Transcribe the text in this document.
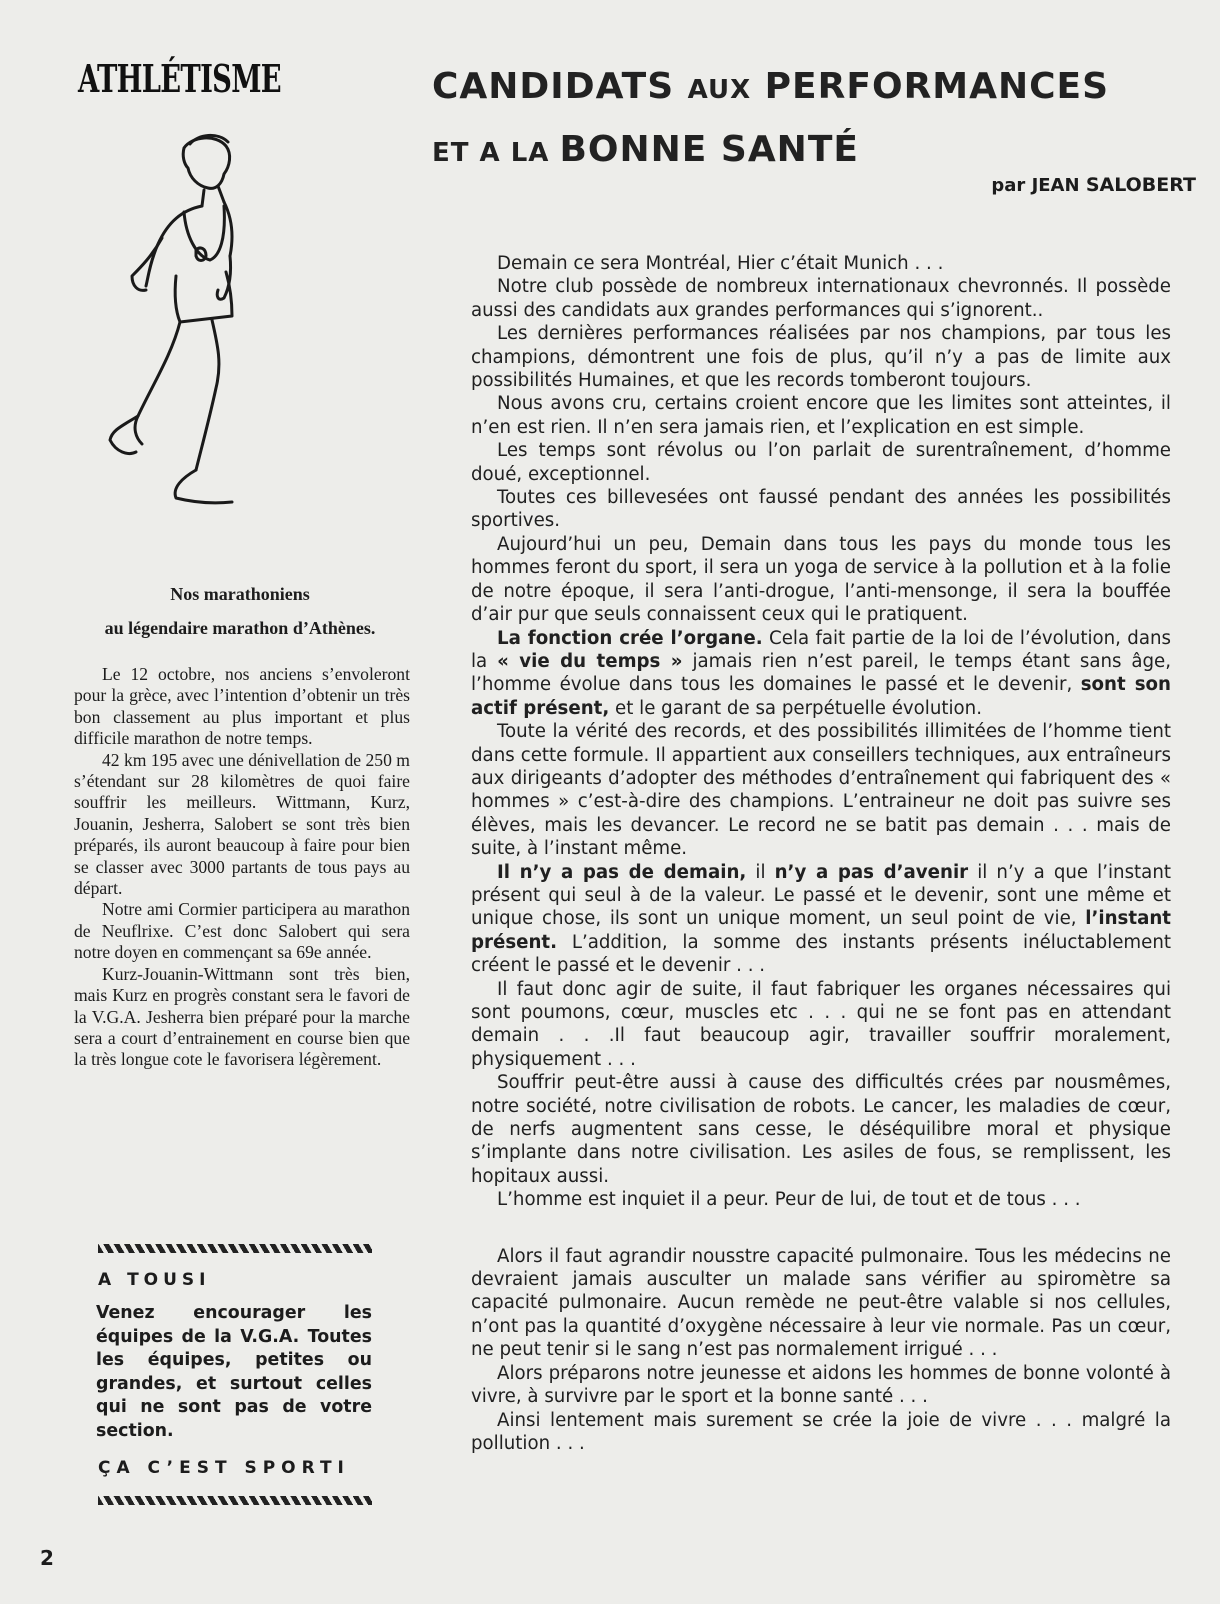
ATHLÉTISME	CANDIDATS AUX PERFORMANCES
ET A LA BONNE SANTÉ
par JEAN SALOBERT
Nos marathoniens
au légendaire marathon d’Athènes.

Le 12 octobre, nos anciens s’envoleront pour la grèce, avec l’intention d’obtenir un très bon classement au plus important et plus difficile marathon de notre temps.

42 km 195 avec une dénivellation de 250 m s’étendant sur 28 kilomètres de quoi faire souffrir les meilleurs. Wittmann, Kurz, Jouanin, Jesherra, Salobert se sont très bien préparés, ils auront beaucoup à faire pour bien se classer avec 3000 partants de tous pays au départ.

Notre ami Cormier participera au marathon de Neuflrixe. C’est donc Salobert qui sera notre doyen en commençant sa 69e année.

Kurz-Jouanin-Wittmann sont très bien, mais Kurz en progrès constant sera le favori de la V.G.A. Jesherra bien préparé pour la marche sera a court d’entrainement en course bien que la très longue cote le favorisera légèrement.

A TOUSI
Venez encourager les équipes de la V.G.A. Toutes les équipes, petites ou grandes, et surtout celles qui ne sont pas de votre section.
ÇA C’EST SPORTI

Demain ce sera Montréal, Hier c’était Munich . . .

Notre club possède de nombreux internationaux chevronnés. Il possède aussi des candidats aux grandes performances qui s’ignorent..

Les dernières performances réalisées par nos champions, par tous les champions, démontrent une fois de plus, qu’il n’y a pas de limite aux possibilités Humaines, et que les records tomberont toujours.

Nous avons cru, certains croient encore que les limites sont atteintes, il n’en est rien. Il n’en sera jamais rien, et l’explication en est simple.

Les temps sont révolus ou l’on parlait de surentraînement, d’homme doué, exceptionnel.

Toutes ces billevesées ont faussé pendant des années les possibilités sportives.

Aujourd’hui un peu, Demain dans tous les pays du monde tous les hommes feront du sport, il sera un yoga de service à la pollution et à la folie de notre époque, il sera l’anti-drogue, l’anti-mensonge, il sera la bouffée d’air pur que seuls connaissent ceux qui le pratiquent.

La fonction crée l’organe. Cela fait partie de la loi de l’évolution, dans la « vie du temps » jamais rien n’est pareil, le temps étant sans âge, l’homme évolue dans tous les domaines le passé et le devenir, sont son actif présent, et le garant de sa perpétuelle évolution.

Toute la vérité des records, et des possibilités illimitées de l’homme tient dans cette formule. Il appartient aux conseillers techniques, aux entraîneurs aux dirigeants d’adopter des méthodes d’entraînement qui fabriquent des « hommes » c’est-à-dire des champions. L’entraineur ne doit pas suivre ses élèves, mais les devancer. Le record ne se batit pas demain . . . mais de suite, à l’instant même.

Il n’y a pas de demain, il n’y a pas d’avenir il n’y a que l’instant présent qui seul à de la valeur. Le passé et le devenir, sont une même et unique chose, ils sont un unique moment, un seul point de vie, l’instant présent. L’addition, la somme des instants présents inéluctablement créent le passé et le devenir . . .

Il faut donc agir de suite, il faut fabriquer les organes nécessaires qui sont poumons, cœur, muscles etc . . . qui ne se font pas en attendant demain . . .Il faut beaucoup agir, travailler souffrir moralement, physiquement . . .

Souffrir peut-être aussi à cause des difficultés crées par nousmêmes, notre société, notre civilisation de robots. Le cancer, les maladies de cœur, de nerfs augmentent sans cesse, le déséquilibre moral et physique s’implante dans notre civilisation. Les asiles de fous, se remplissent, les hopitaux aussi.

L’homme est inquiet il a peur. Peur de lui, de tout et de tous . . .

Alors il faut agrandir nousstre capacité pulmonaire. Tous les médecins ne devraient jamais ausculter un malade sans vérifier au spiromètre sa capacité pulmonaire. Aucun remède ne peut-être valable si nos cellules, n’ont pas la quantité d’oxygène nécessaire à leur vie normale. Pas un cœur, ne peut tenir si le sang n’est pas normalement irrigué . . .

Alors préparons notre jeunesse et aidons les hommes de bonne volonté à vivre, à survivre par le sport et la bonne santé . . .

Ainsi lentement mais surement se crée la joie de vivre . . . malgré la pollution . . .

2
